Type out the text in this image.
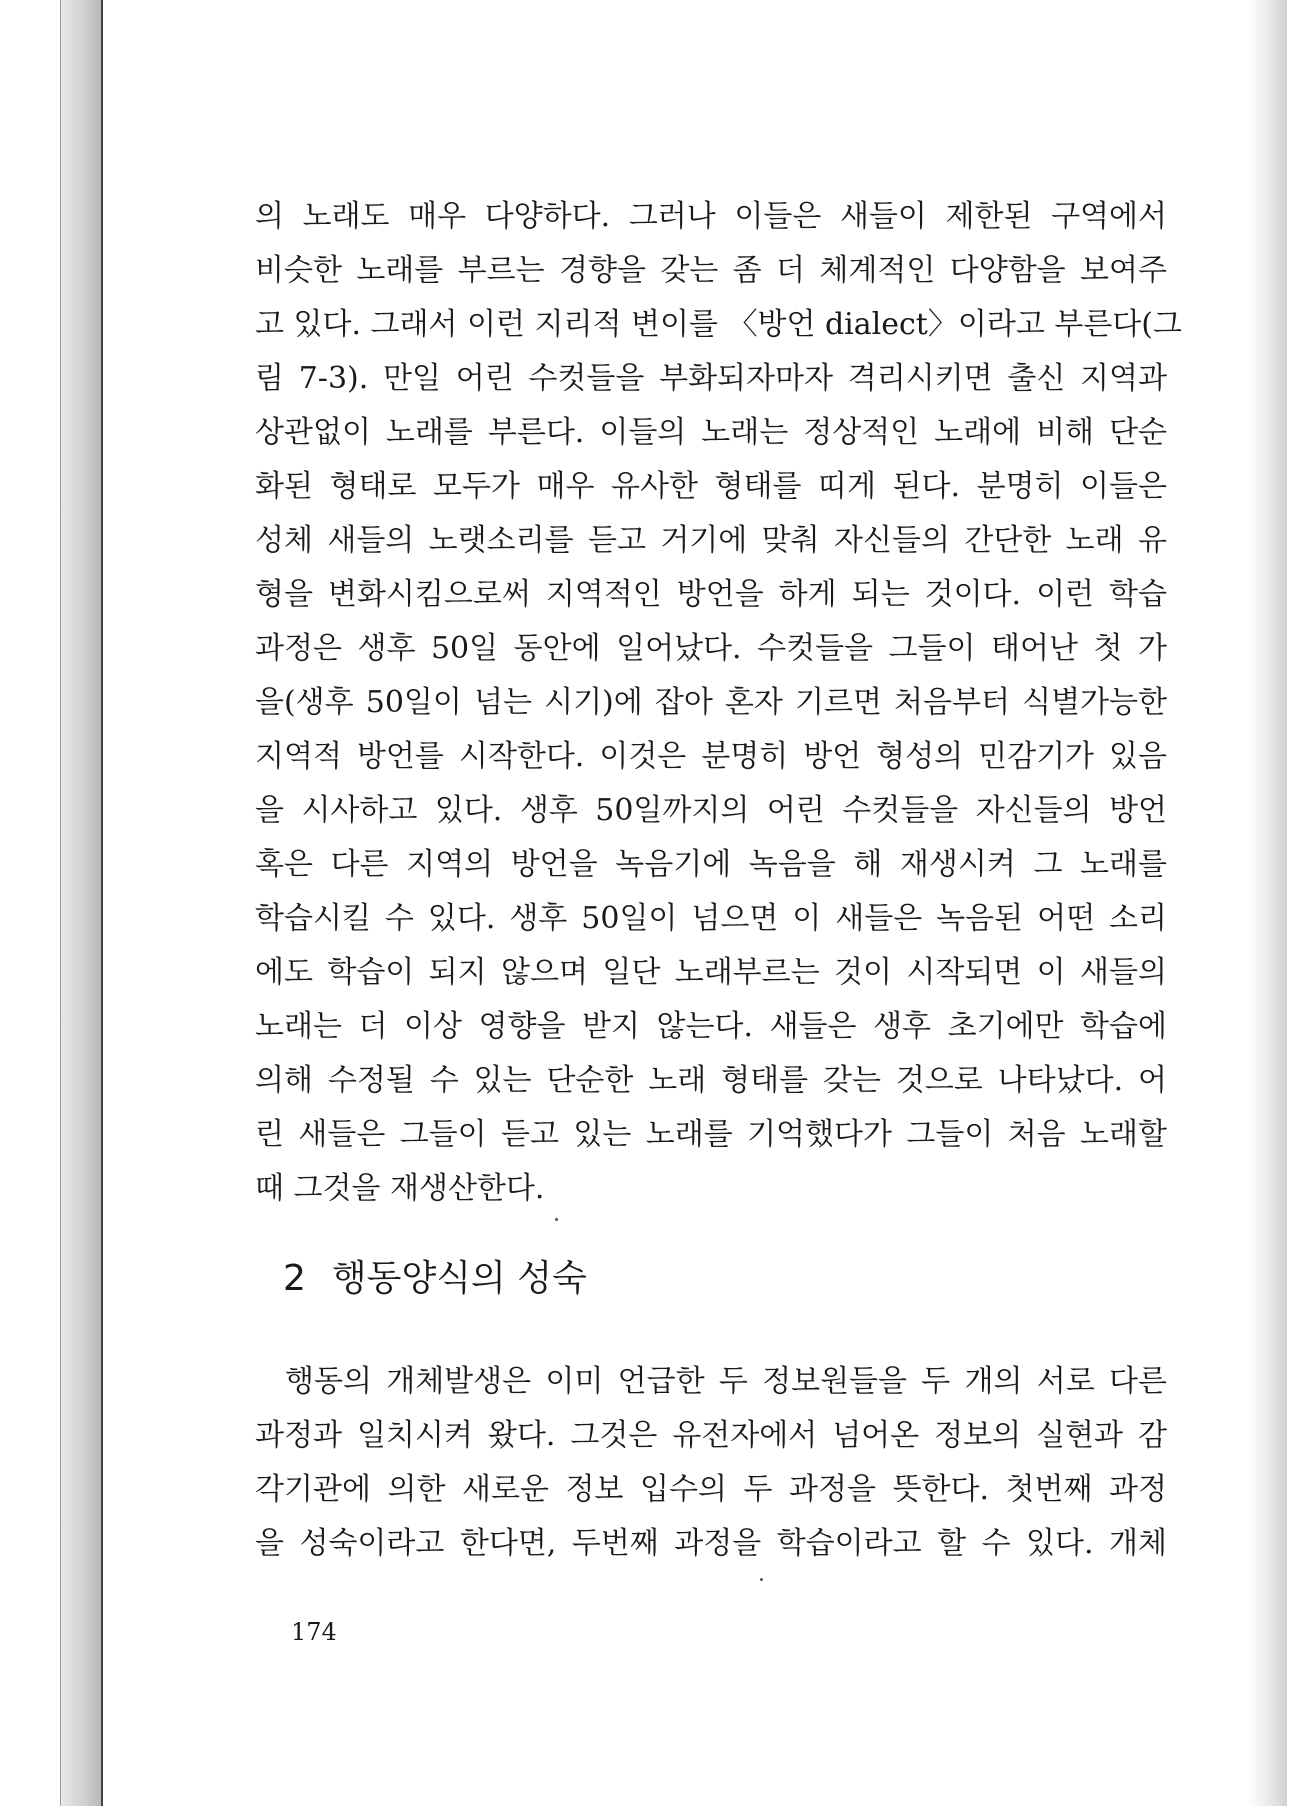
의 노래도 매우 다양하다. 그러나 이들은 새들이 제한된 구역에서

비슷한 노래를 부르는 경향을 갖는 좀 더 체계적인 다양함을 보여주

고 있다. 그래서 이런 지리적 변이를 〈방언 dialect〉이라고 부른다(그

림 7-3). 만일 어린 수컷들을 부화되자마자 격리시키면 출신 지역과

상관없이 노래를 부른다. 이들의 노래는 정상적인 노래에 비해 단순

화된 형태로 모두가 매우 유사한 형태를 띠게 된다. 분명히 이들은

성체 새들의 노랫소리를 듣고 거기에 맞춰 자신들의 간단한 노래 유

형을 변화시킴으로써 지역적인 방언을 하게 되는 것이다. 이런 학습

과정은 생후 50일 동안에 일어났다. 수컷들을 그들이 태어난 첫 가

을(생후 50일이 넘는 시기)에 잡아 혼자 기르면 처음부터 식별가능한

지역적 방언를 시작한다. 이것은 분명히 방언 형성의 민감기가 있음

을 시사하고 있다. 생후 50일까지의 어린 수컷들을 자신들의 방언

혹은 다른 지역의 방언을 녹음기에 녹음을 해 재생시켜 그 노래를

학습시킬 수 있다. 생후 50일이 넘으면 이 새들은 녹음된 어떤 소리

에도 학습이 되지 않으며 일단 노래부르는 것이 시작되면 이 새들의

노래는 더 이상 영향을 받지 않는다. 새들은 생후 초기에만 학습에

의해 수정될 수 있는 단순한 노래 형태를 갖는 것으로 나타났다. 어

린 새들은 그들이 듣고 있는 노래를 기억했다가 그들이 처음 노래할

때 그것을 재생산한다.

2 행동양식의 성숙

행동의 개체발생은 이미 언급한 두 정보원들을 두 개의 서로 다른

과정과 일치시켜 왔다. 그것은 유전자에서 넘어온 정보의 실현과 감

각기관에 의한 새로운 정보 입수의 두 과정을 뜻한다. 첫번째 과정

을 성숙이라고 한다면, 두번째 과정을 학습이라고 할 수 있다. 개체

174
